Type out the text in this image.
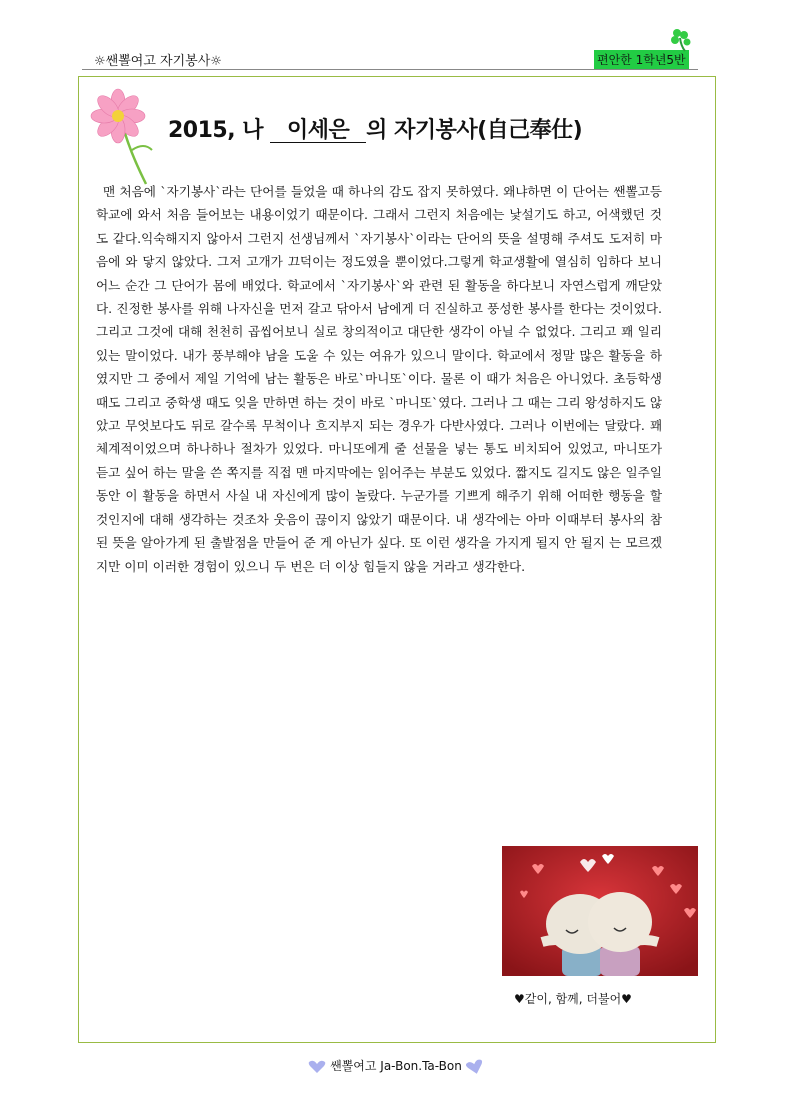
☼쌘뽈여고 자기봉사☼	편안한 1학년5반
2015, 나 이세은 의 자기봉사(自己奉仕)

맨 처음에 `자기봉사`라는 단어를 들었을 때 하나의 감도 잡지 못하였다. 왜냐하면 이 단어는 쌘뽈고등학교에 와서 처음 들어보는 내용이었기 때문이다. 그래서 그런지 처음에는 낯설기도 하고, 어색했던 것도 같다.익숙해지지 않아서 그런지 선생님께서 `자기봉사`이라는 단어의 뜻을 설명해 주셔도 도저히 마음에 와 닿지 않았다. 그저 고개가 끄덕이는 정도였을 뿐이었다.그렇게 학교생활에 열심히 임하다 보니 어느 순간 그 단어가 몸에 배었다. 학교에서 `자기봉사`와 관련 된 활동을 하다보니 자연스럽게 깨닫았다. 진정한 봉사를 위해 나자신을 먼저 갈고 닦아서 남에게 더 진실하고 풍성한 봉사를 한다는 것이었다. 그리고 그것에 대해 천천히 곱씹어보니 실로 창의적이고 대단한 생각이 아닐 수 없었다. 그리고 꽤 일리 있는 말이었다. 내가 풍부해야 남을 도울 수 있는 여유가 있으니 말이다. 학교에서 정말 많은 활동을 하였지만 그 중에서 제일 기억에 남는 활동은 바로`마니또`이다. 물론 이 때가 처음은 아니었다. 초등학생 때도 그리고 중학생 때도 잊을 만하면 하는 것이 바로 `마니또`였다. 그러나 그 때는 그리 왕성하지도 않았고 무엇보다도 뒤로 갈수록 무척이나 흐지부지 되는 경우가 다반사였다. 그러나 이번에는 달랐다. 꽤 체계적이었으며 하나하나 절차가 있었다. 마니또에게 줄 선물을 넣는 통도 비치되어 있었고, 마니또가 듣고 싶어 하는 말을 쓴 쪽지를 직접 맨 마지막에는 읽어주는 부분도 있었다. 짧지도 길지도 않은 일주일 동안 이 활동을 하면서 사실 내 자신에게 많이 놀랐다. 누군가를 기쁘게 해주기 위해 어떠한 행동을 할 것인지에 대해 생각하는 것조차 웃음이 끊이지 않았기 때문이다. 내 생각에는 아마 이때부터 봉사의 참된 뜻을 알아가게 된 출발점을 만들어 준 게 아닌가 싶다. 또 이런 생각을 가지게 될지 안 될지 는 모르겠지만 이미 이러한 경험이 있으니 두 번은 더 이상 힘들지 않을 거라고 생각한다.

♥같이, 함께, 더불어♥
쌘뽈여고 Ja-Bon.Ta-Bon
